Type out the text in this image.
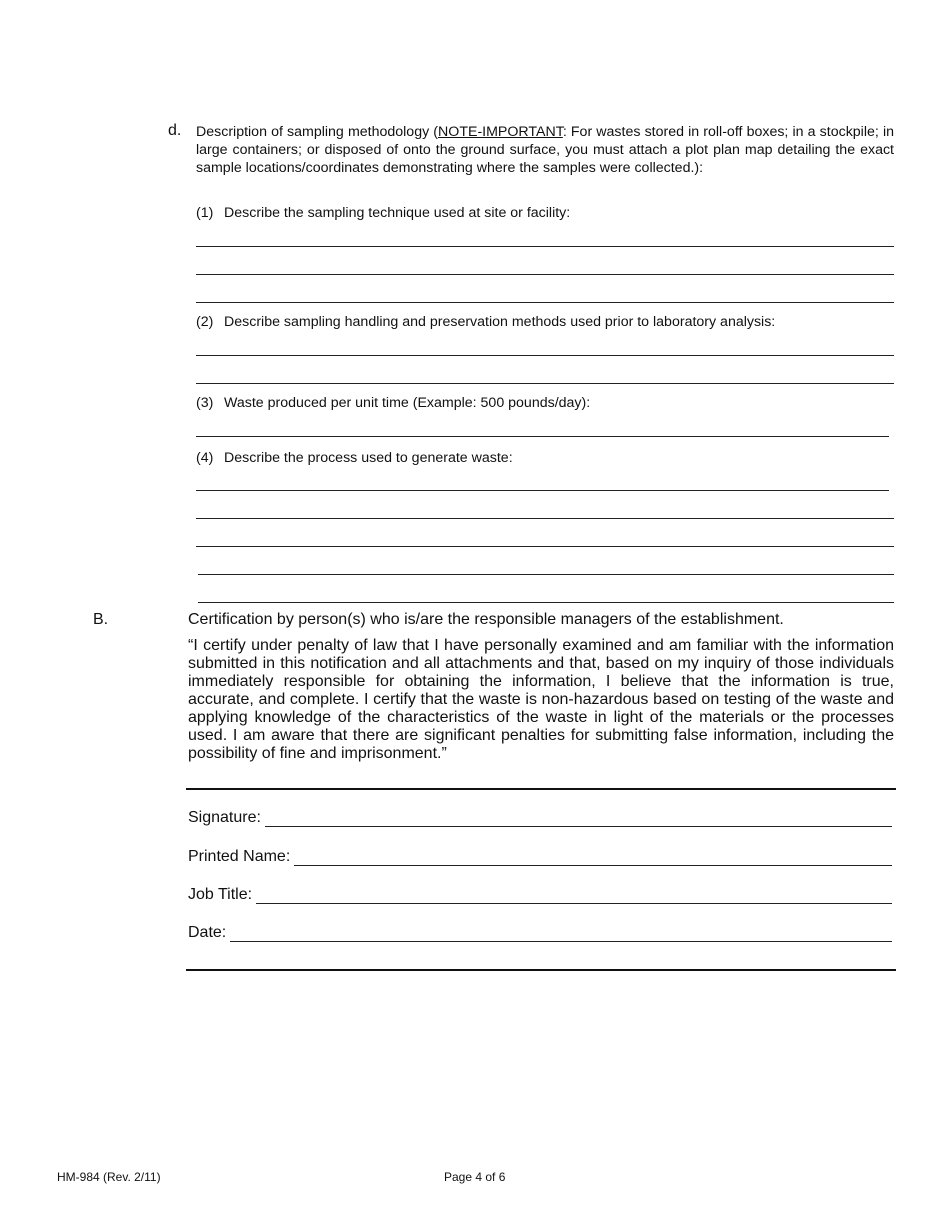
d. Description of sampling methodology (NOTE-IMPORTANT: For wastes stored in roll-off boxes; in a stockpile; in large containers; or disposed of onto the ground surface, you must attach a plot plan map detailing the exact sample locations/coordinates demonstrating where the samples were collected.):
(1) Describe the sampling technique used at site or facility:
(2) Describe sampling handling and preservation methods used prior to laboratory analysis:
(3) Waste produced per unit time (Example: 500 pounds/day):
(4) Describe the process used to generate waste:
B.	Certification by person(s) who is/are the responsible managers of the establishment.
“I certify under penalty of law that I have personally examined and am familiar with the information submitted in this notification and all attachments and that, based on my inquiry of those individuals immediately responsible for obtaining the information, I believe that the information is true, accurate, and complete. I certify that the waste is non-hazardous based on testing of the waste and applying knowledge of the characteristics of the waste in light of the materials or the processes used. I am aware that there are significant penalties for submitting false information, including the possibility of fine and imprisonment.”
Signature:
Printed Name:
Job Title:
Date:
HM-984 (Rev. 2/11)	Page 4 of 6
